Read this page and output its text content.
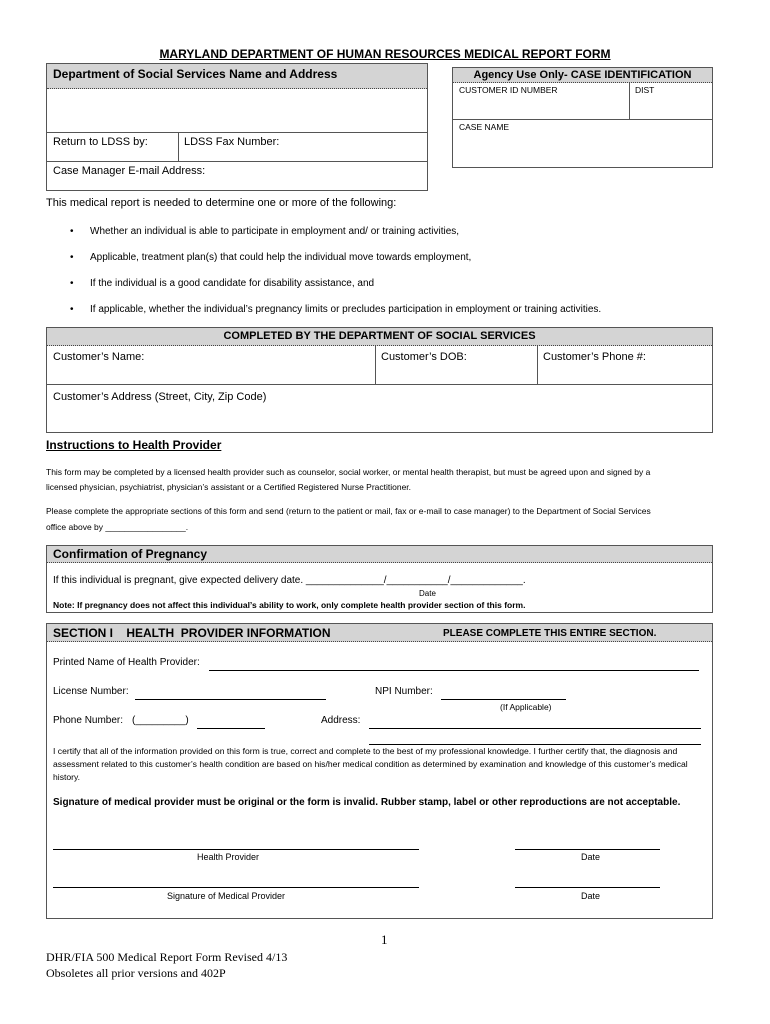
MARYLAND DEPARTMENT OF HUMAN RESOURCES MEDICAL REPORT FORM
Department of Social Services Name and Address
Return to LDSS by:	LDSS Fax Number:
Case Manager E-mail Address:
Agency Use Only- CASE IDENTIFICATION
CUSTOMER ID NUMBER	DIST
CASE NAME
This medical report is needed to determine one or more of the following:
• Whether an individual is able to participate in employment and/ or training activities,
• Applicable, treatment plan(s) that could help the individual move towards employment,
• If the individual is a good candidate for disability assistance, and
• If applicable, whether the individual’s pregnancy limits or precludes participation in employment or training activities.
COMPLETED BY THE DEPARTMENT OF SOCIAL SERVICES
Customer’s Name:	Customer’s DOB:	Customer’s Phone #:
Customer’s Address (Street, City, Zip Code)
Instructions to Health Provider
This form may be completed by a licensed health provider such as counselor, social worker, or mental health therapist, but must be agreed upon and signed by a
licensed physician, psychiatrist, physician’s assistant or a Certified Registered Nurse Practitioner.
Please complete the appropriate sections of this form and send (return to the patient or mail, fax or e-mail to case manager) to the Department of Social Services
office above by _________________.
Confirmation of Pregnancy
If this individual is pregnant, give expected delivery date. ______________/___________/_____________.
Date
Note: If pregnancy does not affect this individual’s ability to work, only complete health provider section of this form.
SECTION I    HEALTH  PROVIDER INFORMATION	PLEASE COMPLETE THIS ENTIRE SECTION.
Printed Name of Health Provider:
License Number:	NPI Number:
(If Applicable)
Phone Number: (_________)	Address:
I certify that all of the information provided on this form is true, correct and complete to the best of my professional knowledge. I further certify that, the diagnosis and assessment related to this customer’s health condition are based on his/her medical condition as determined by examination and knowledge of this customer’s medical history.
Signature of medical provider must be original or the form is invalid. Rubber stamp, label or other reproductions are not acceptable.
Health Provider	Date
Signature of Medical Provider	Date
1
DHR/FIA 500 Medical Report Form Revised 4/13
Obsoletes all prior versions and 402P
